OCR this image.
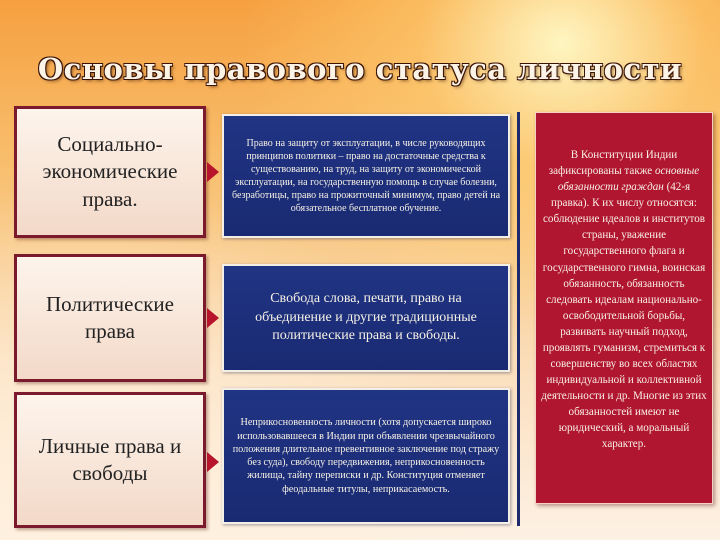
Основы правового статуса личности
Социально-экономические права.
Право на защиту от эксплуатации, в числе руководящих принципов политики – право на достаточные средства к существованию, на труд, на защиту от экономической эксплуатации, на государственную помощь в случае болезни, безработицы, право на прожиточный минимум, право детей на обязательное бесплатное обучение.
Политические права
Свобода слова, печати, право на объединение и другие традиционные политические права и свободы.
Личные права и свободы
Неприкосновенность личности (хотя допускается широко использовавшееся в Индии при объявлении чрезвычайного положения длительное превентивное заключение под стражу без суда), свободу передвижения, неприкосновенность жилища, тайну переписки и др. Конституция отменяет феодальные титулы, неприкасаемость.
В Конституции Индии зафиксированы также основные обязанности граждан (42-я правка). К их числу относятся: соблюдение идеалов и институтов страны, уважение государственного флага и государственного гимна, воинская обязанность, обязанность следовать идеалам национально-освободительной борьбы, развивать научный подход, проявлять гуманизм, стремиться к совершенству во всех областях индивидуальной и коллективной деятельности и др. Многие из этих обязанностей имеют не юридический, а моральный характер.
